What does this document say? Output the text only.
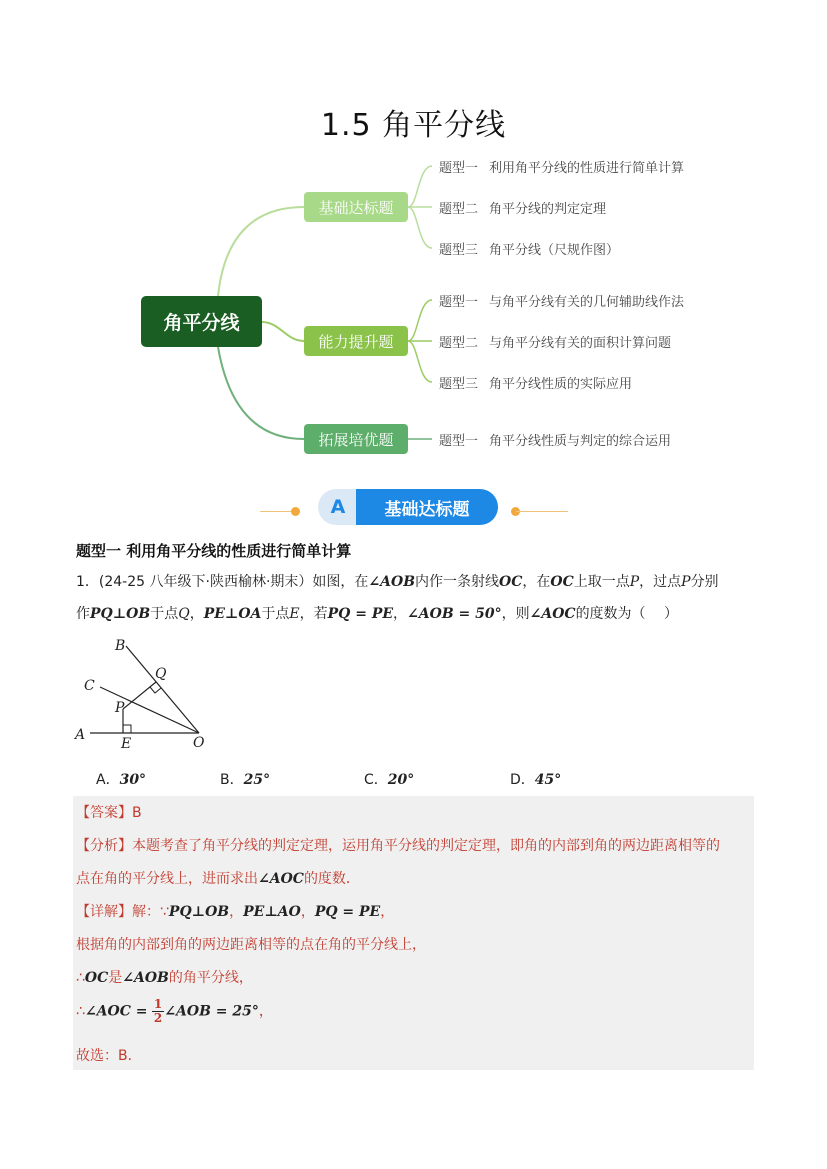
1.5 角平分线
角平分线
基础达标题
能力提升题
拓展培优题
题型一 利用角平分线的性质进行简单计算
题型二 角平分线的判定定理
题型三 角平分线（尺规作图）
题型一 与角平分线有关的几何辅助线作法
题型二 与角平分线有关的面积计算问题
题型三 角平分线性质的实际应用
题型一 角平分线性质与判定的综合运用
A	基础达标题
题型一 利用角平分线的性质进行简单计算
1．(24-25 八年级下·陕西榆林·期末）如图，在∠AOB内作一条射线OC，在OC上取一点P，过点P分别
作PQ⊥OB于点Q，PE⊥OA于点E，若PQ = PE，∠AOB = 50°，则∠AOC的度数为（　 ）
B
Q
C
P
A
E	O
A．30°	B．25°	C．20°	D．45°
【答案】B
【分析】本题考查了角平分线的判定定理，运用角平分线的判定定理，即角的内部到角的两边距离相等的
点在角的平分线上，进而求出∠AOC的度数．
【详解】解：∵PQ⊥OB，PE⊥AO，PQ = PE，
根据角的内部到角的两边距离相等的点在角的平分线上，
∴OC是∠AOB的角平分线，
∴∠AOC = $\frac{1}{2}$ ∠AOB = 25°，
故选：B．
